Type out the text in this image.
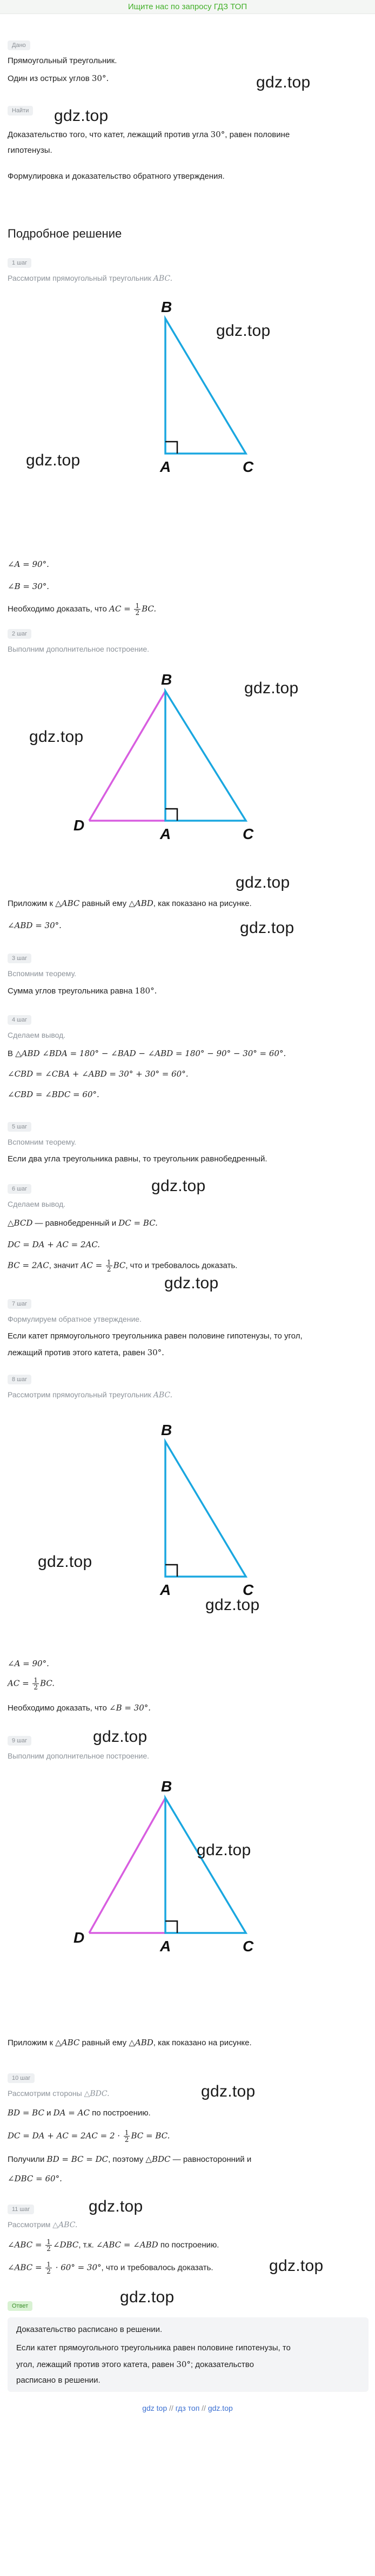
Ищите нас по запросу ГДЗ ТОП
Дано
Прямоугольный треугольник.
Один из острых углов 30°.	gdz.top
Найти gdz.top
Доказательство того, что катет, лежащий против угла 30°, равен половине
гипотенузы.
Формулировка и доказательство обратного утверждения.
Подробное решение
1 шаг
Рассмотрим прямоугольный треугольник ABC.
B
A	C
gdz.top
gdz.top
∠A = 90°.
∠B = 30°.
Необходимо доказать, что AC = $\frac{1}{2}$ BC.
2 шаг
Выполним дополнительное построение.
B
A	C
D
gdz.top
gdz.top
gdz.top
Приложим к △ABC равный ему △ABD, как показано на рисунке.
gdz.top
∠ABD = 30°.
3 шаг
Вспомним теорему.
Сумма углов треугольника равна 180°.
4 шаг
Сделаем вывод.
В △ABD ∠BDA = 180° − ∠BAD − ∠ABD = 180° − 90° − 30° = 60°.
∠CBD = ∠CBA + ∠ABD = 30° + 30° = 60°.
∠CBD = ∠BDC = 60°.
5 шаг
Вспомним теорему.
Если два угла треугольника равны, то треугольник равнобедренный.
gdz.top
6 шаг
Сделаем вывод.
△BCD — равнобедренный и DC = BC.
DC = DA + AC = 2AC.
BC = 2AC, значит AC = $\frac{1}{2}$ BC, что и требовалось доказать.
gdz.top
7 шаг
Формулируем обратное утверждение.
Если катет прямоугольного треугольника равен половине гипотенузы, то угол,
лежащий против этого катета, равен 30°.
8 шаг
Рассмотрим прямоугольный треугольник ABC.
B
A	C
gdz.top
gdz.top
∠A = 90°.
AC = $\frac{1}{2}$ BC.
Необходимо доказать, что ∠B = 30°.
gdz.top
9 шаг
Выполним дополнительное построение.
B
A	C
D
gdz.top
Приложим к △ABC равный ему △ABD, как показано на рисунке.
10 шаг
Рассмотрим стороны △BDC.	gdz.top
BD = BC и DA = AC по построению.
DC = DA + AC = $2AC = 2 \cdot \frac{1}{2}$ BC = BC.
Получили BD = BC = DC, поэтому △BDC — равносторонний и
∠DBC = 60°.
gdz.top
11 шаг
Рассмотрим △ABC.
∠ABC = $\frac{1}{2}$ ∠DBC, т.к. ∠ABC = ∠ABD по построению.
∠ABC = $\frac{1}{2} \cdot 60^\circ = 30^\circ$, что и требовалось доказать.	gdz.top
gdz.top
Ответ
Доказательство расписано в решении.
Если катет прямоугольного треугольника равен половине гипотенузы, то
угол, лежащий против этого катета, равен 30°; доказательство
расписано в решении.
gdz top // гдз топ // gdz.top
